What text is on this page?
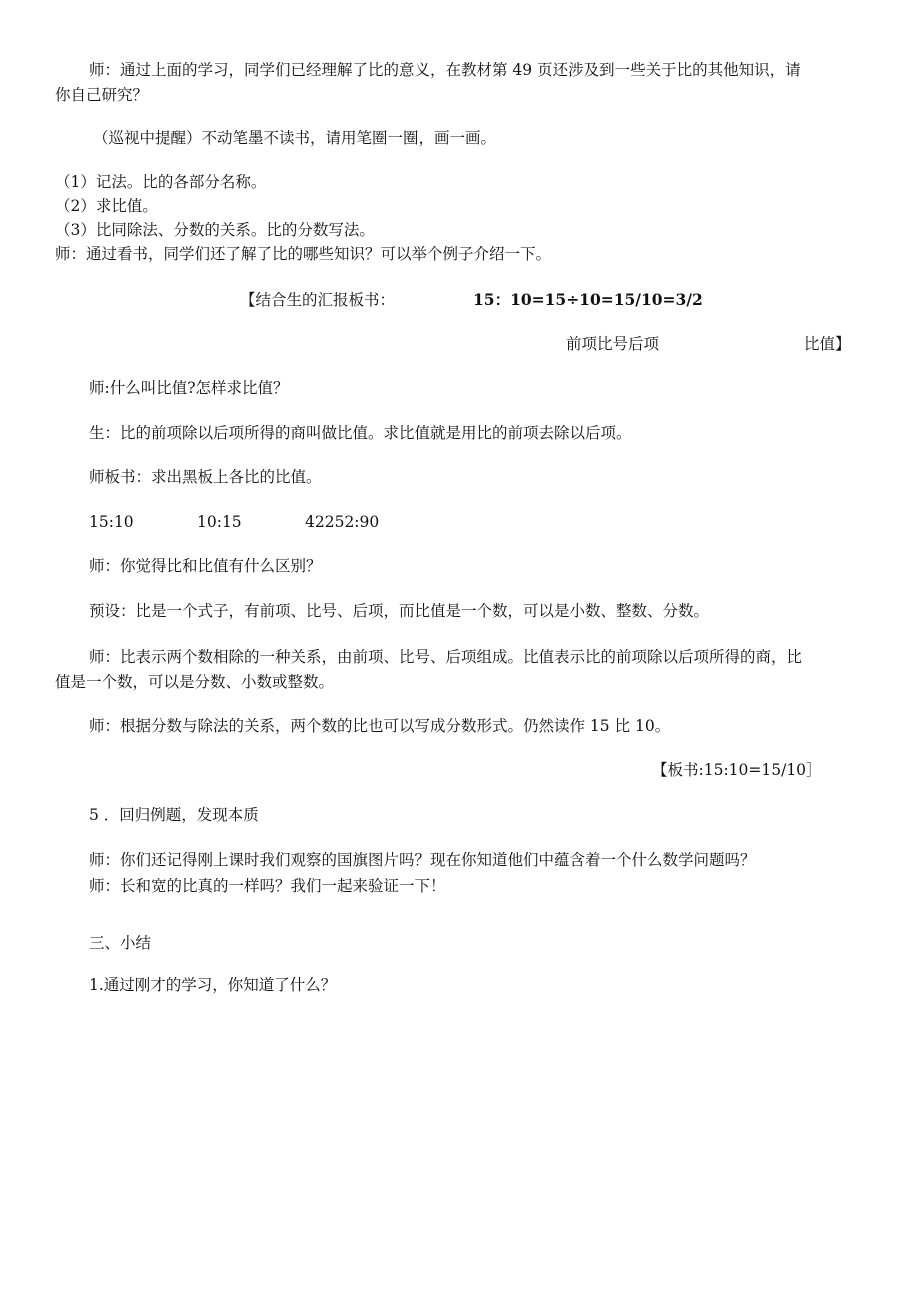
师：通过上面的学习，同学们已经理解了比的意义，在教材第 49 页还涉及到一些关于比的其他知识，请
你自己研究？
（巡视中提醒）不动笔墨不读书，请用笔圈一圈，画一画。
（1）记法。比的各部分名称。
（2）求比值。
（3）比同除法、分数的关系。比的分数写法。
师：通过看书，同学们还了解了比的哪些知识？可以举个例子介绍一下。
【结合生的汇报板书：	15：10=15÷10=15/10=3/2
前项比号后项	比值】
师:什么叫比值?怎样求比值？
生：比的前项除以后项所得的商叫做比值。求比值就是用比的前项去除以后项。
师板书：求出黑板上各比的比值。
15:10	10:15	42252:90
师：你觉得比和比值有什么区别？
预设：比是一个式子，有前项、比号、后项，而比值是一个数，可以是小数、整数、分数。
师：比表示两个数相除的一种关系，由前项、比号、后项组成。比值表示比的前项除以后项所得的商，比
值是一个数，可以是分数、小数或整数。
师：根据分数与除法的关系，两个数的比也可以写成分数形式。仍然读作 15 比 10。
【板书:15:10=15/10］
5 ．回归例题，发现本质
师：你们还记得刚上课时我们观察的国旗图片吗？现在你知道他们中蕴含着一个什么数学问题吗？
师：长和宽的比真的一样吗？我们一起来验证一下！
三、小结
1.通过刚才的学习，你知道了什么？
